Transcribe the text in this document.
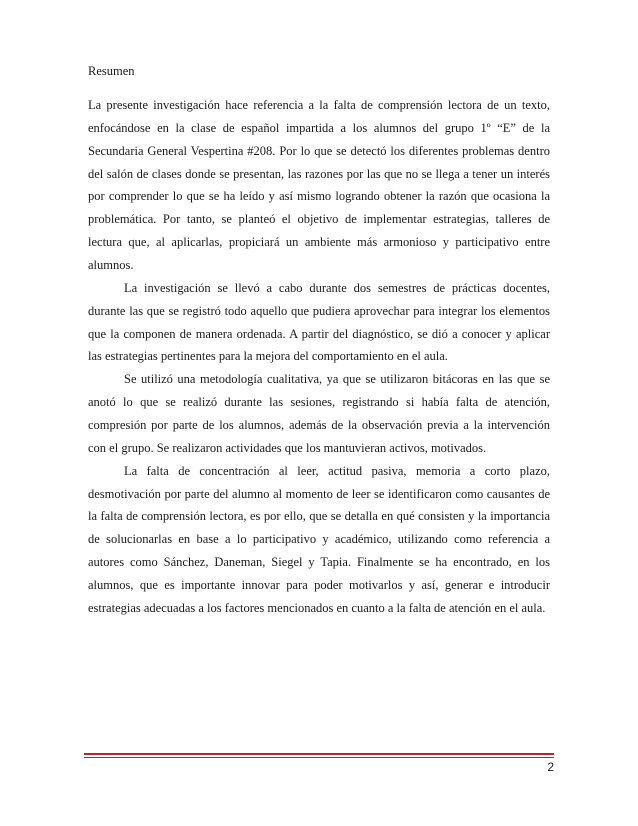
Resumen
La presente investigación hace referencia a la falta de comprensión lectora de un texto,
enfocándose en la clase de español impartida a los alumnos del grupo 1º “E” de la
Secundaria General Vespertina #208. Por lo que se detectó los diferentes problemas dentro
del salón de clases donde se presentan, las razones por las que no se llega a tener un interés
por comprender lo que se ha leído y así mismo logrando obtener la razón que ocasiona la
problemática. Por tanto, se planteó el objetivo de implementar estrategias, talleres de
lectura que, al aplicarlas, propiciará un ambiente más armonioso y participativo entre
alumnos.
La investigación se llevó a cabo durante dos semestres de prácticas docentes,
durante las que se registró todo aquello que pudiera aprovechar para integrar los elementos
que la componen de manera ordenada. A partir del diagnóstico, se dió a conocer y aplicar
las estrategias pertinentes para la mejora del comportamiento en el aula.
Se utilizó una metodología cualitativa, ya que se utilizaron bitácoras en las que se
anotó lo que se realizó durante las sesiones, registrando si había falta de atención,
compresión por parte de los alumnos, además de la observación previa a la intervención
con el grupo. Se realizaron actividades que los mantuvieran activos, motivados.
La falta de concentración al leer, actitud pasiva, memoria a corto plazo,
desmotivación por parte del alumno al momento de leer se identificaron como causantes de
la falta de comprensión lectora, es por ello, que se detalla en qué consisten y la importancia
de solucionarlas en base a lo participativo y académico, utilizando como referencia a
2
autores como Sánchez, Daneman, Siegel y Tapia. Finalmente se ha encontrado, en los
alumnos, que es importante innovar para poder motivarlos y así, generar e introducir
estrategias adecuadas a los factores mencionados en cuanto a la falta de atención en el aula.
